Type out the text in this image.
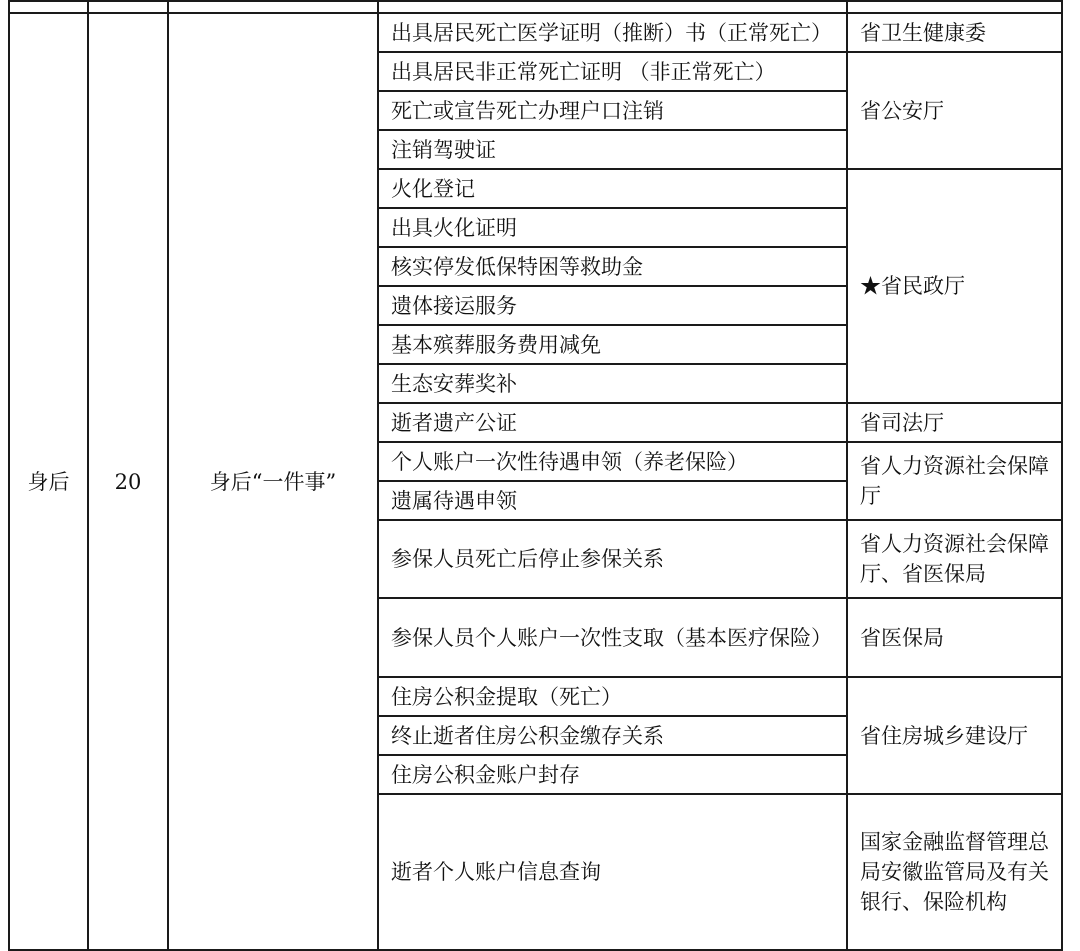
身后	20	身后“一件事”	出具居民死亡医学证明（推断）书（正常死亡）	省卫生健康委
			出具居民非正常死亡证明 （非正常死亡）	省公安厅
			死亡或宣告死亡办理户口注销	
			注销驾驶证	
			火化登记	★省民政厅
			出具火化证明	
			核实停发低保特困等救助金	
			遗体接运服务	
			基本殡葬服务费用减免	
			生态安葬奖补	
			逝者遗产公证	省司法厅
			个人账户一次性待遇申领（养老保险）	省人力资源社会保障厅
			遗属待遇申领	
			参保人员死亡后停止参保关系	省人力资源社会保障厅、省医保局
			参保人员个人账户一次性支取（基本医疗保险）	省医保局
			住房公积金提取（死亡）	省住房城乡建设厅
			终止逝者住房公积金缴存关系	
			住房公积金账户封存	
			逝者个人账户信息查询	国家金融监督管理总局安徽监管局及有关银行、保险机构
